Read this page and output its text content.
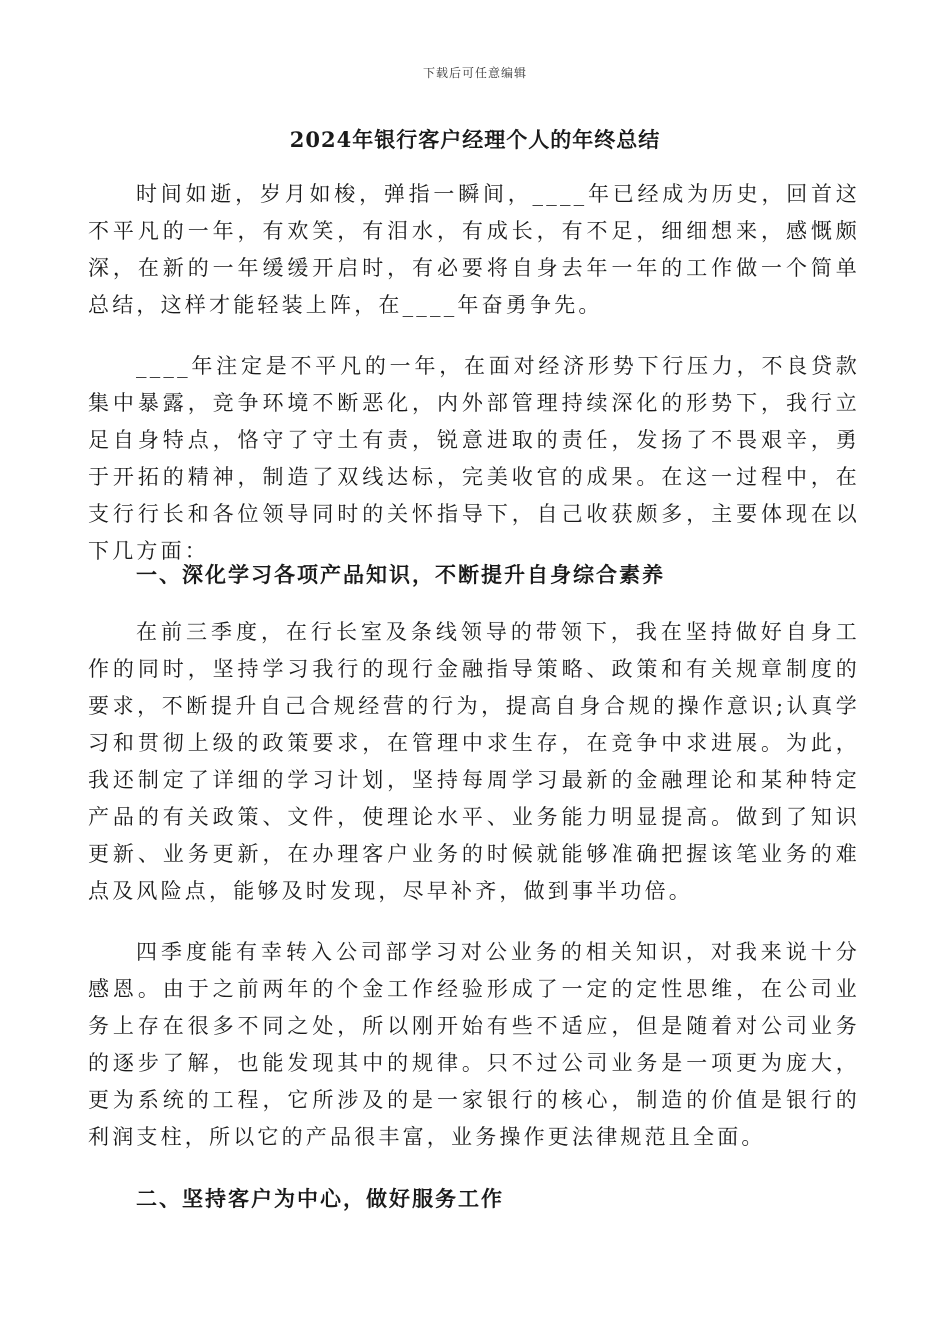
下载后可任意编辑
2024年银行客户经理个人的年终总结

时间如逝，岁月如梭，弹指一瞬间，____年已经成为历史，回首这不平凡的一年，有欢笑，有泪水，有成长，有不足，细细想来，感慨颇深，在新的一年缓缓开启时，有必要将自身去年一年的工作做一个简单总结，这样才能轻装上阵，在____年奋勇争先。

____年注定是不平凡的一年，在面对经济形势下行压力，不良贷款集中暴露，竞争环境不断恶化，内外部管理持续深化的形势下，我行立足自身特点，恪守了守土有责，锐意进取的责任，发扬了不畏艰辛，勇于开拓的精神，制造了双线达标，完美收官的成果。在这一过程中，在支行行长和各位领导同时的关怀指导下，自己收获颇多，主要体现在以下几方面：

一、深化学习各项产品知识，不断提升自身综合素养

在前三季度，在行长室及条线领导的带领下，我在坚持做好自身工作的同时，坚持学习我行的现行金融指导策略、政策和有关规章制度的要求，不断提升自己合规经营的行为，提高自身合规的操作意识;认真学习和贯彻上级的政策要求，在管理中求生存，在竞争中求进展。为此，我还制定了详细的学习计划，坚持每周学习最新的金融理论和某种特定产品的有关政策、文件，使理论水平、业务能力明显提高。做到了知识更新、业务更新，在办理客户业务的时候就能够准确把握该笔业务的难点及风险点，能够及时发现，尽早补齐，做到事半功倍。

四季度能有幸转入公司部学习对公业务的相关知识，对我来说十分感恩。由于之前两年的个金工作经验形成了一定的定性思维，在公司业务上存在很多不同之处，所以刚开始有些不适应，但是随着对公司业务的逐步了解，也能发现其中的规律。只不过公司业务是一项更为庞大，更为系统的工程，它所涉及的是一家银行的核心，制造的价值是银行的利润支柱，所以它的产品很丰富，业务操作更法律规范且全面。

二、坚持客户为中心，做好服务工作
